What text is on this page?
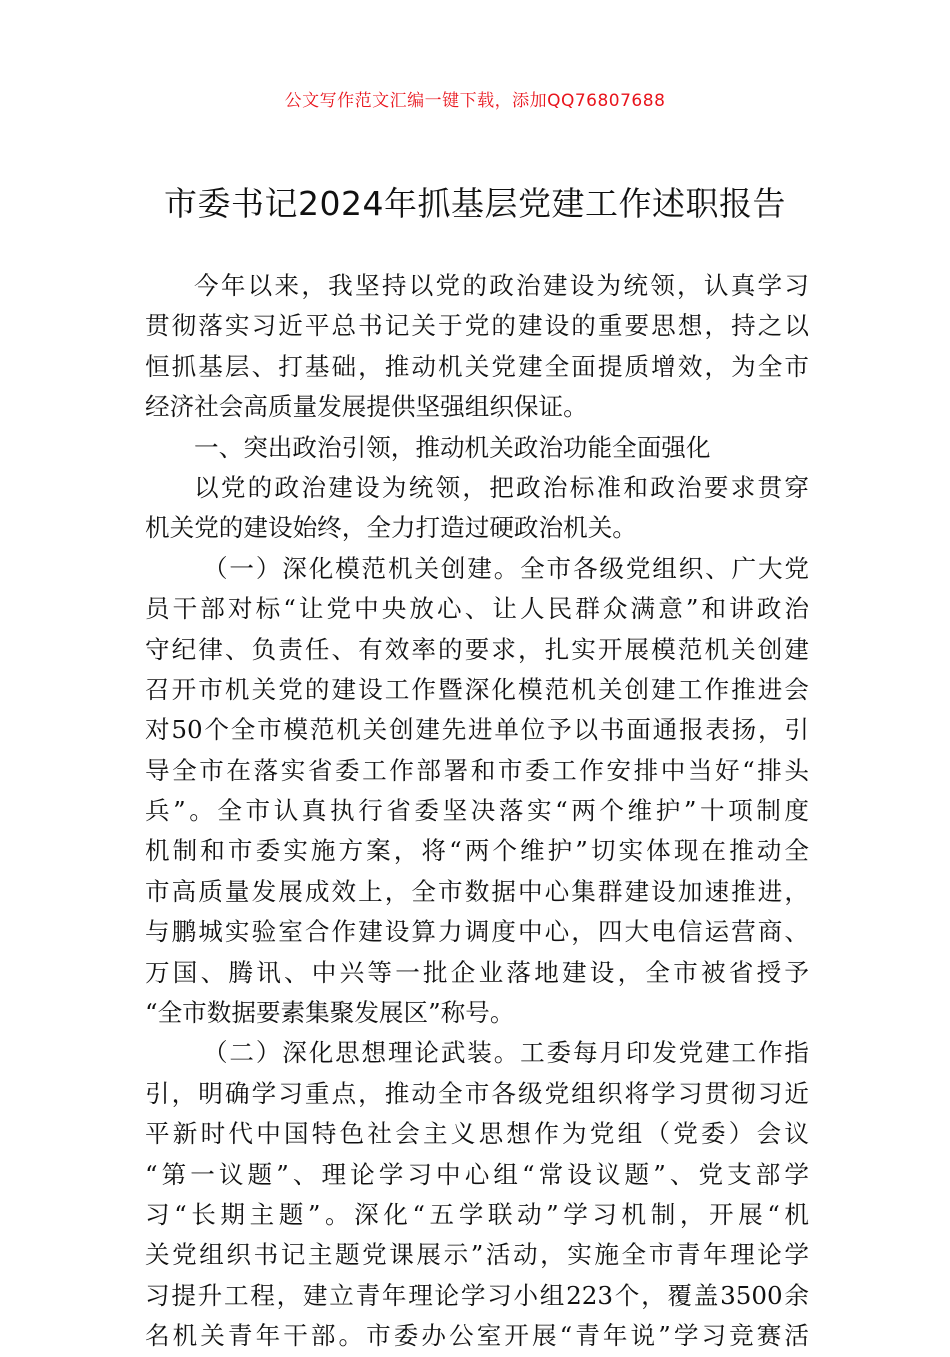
公文写作范文汇编一键下载，添加QQ76807688
市委书记2024年抓基层党建工作述职报告
今年以来，我坚持以党的政治建设为统领，认真学习
贯彻落实习近平总书记关于党的建设的重要思想，持之以
恒抓基层、打基础，推动机关党建全面提质增效，为全市
经济社会高质量发展提供坚强组织保证。
一、突出政治引领，推动机关政治功能全面强化
以党的政治建设为统领，把政治标准和政治要求贯穿
机关党的建设始终，全力打造过硬政治机关。
（一）深化模范机关创建。全市各级党组织、广大党
员干部对标“让党中央放心、让人民群众满意”和讲政治
守纪律、负责任、有效率的要求，扎实开展模范机关创建
召开市机关党的建设工作暨深化模范机关创建工作推进会
对50个全市模范机关创建先进单位予以书面通报表扬，引
导全市在落实省委工作部署和市委工作安排中当好“排头
兵”。全市认真执行省委坚决落实“两个维护”十项制度
机制和市委实施方案，将“两个维护”切实体现在推动全
市高质量发展成效上，全市数据中心集群建设加速推进，
与鹏城实验室合作建设算力调度中心，四大电信运营商、
万国、腾讯、中兴等一批企业落地建设，全市被省授予
“全市数据要素集聚发展区”称号。
（二）深化思想理论武装。工委每月印发党建工作指
引，明确学习重点，推动全市各级党组织将学习贯彻习近
平新时代中国特色社会主义思想作为党组（党委）会议
“第一议题”、理论学习中心组“常设议题”、党支部学
习“长期主题”。深化“五学联动”学习机制，开展“机
关党组织书记主题党课展示”活动，实施全市青年理论学
习提升工程，建立青年理论学习小组223个，覆盖3500余
名机关青年干部。市委办公室开展“青年说”学习竞赛活
